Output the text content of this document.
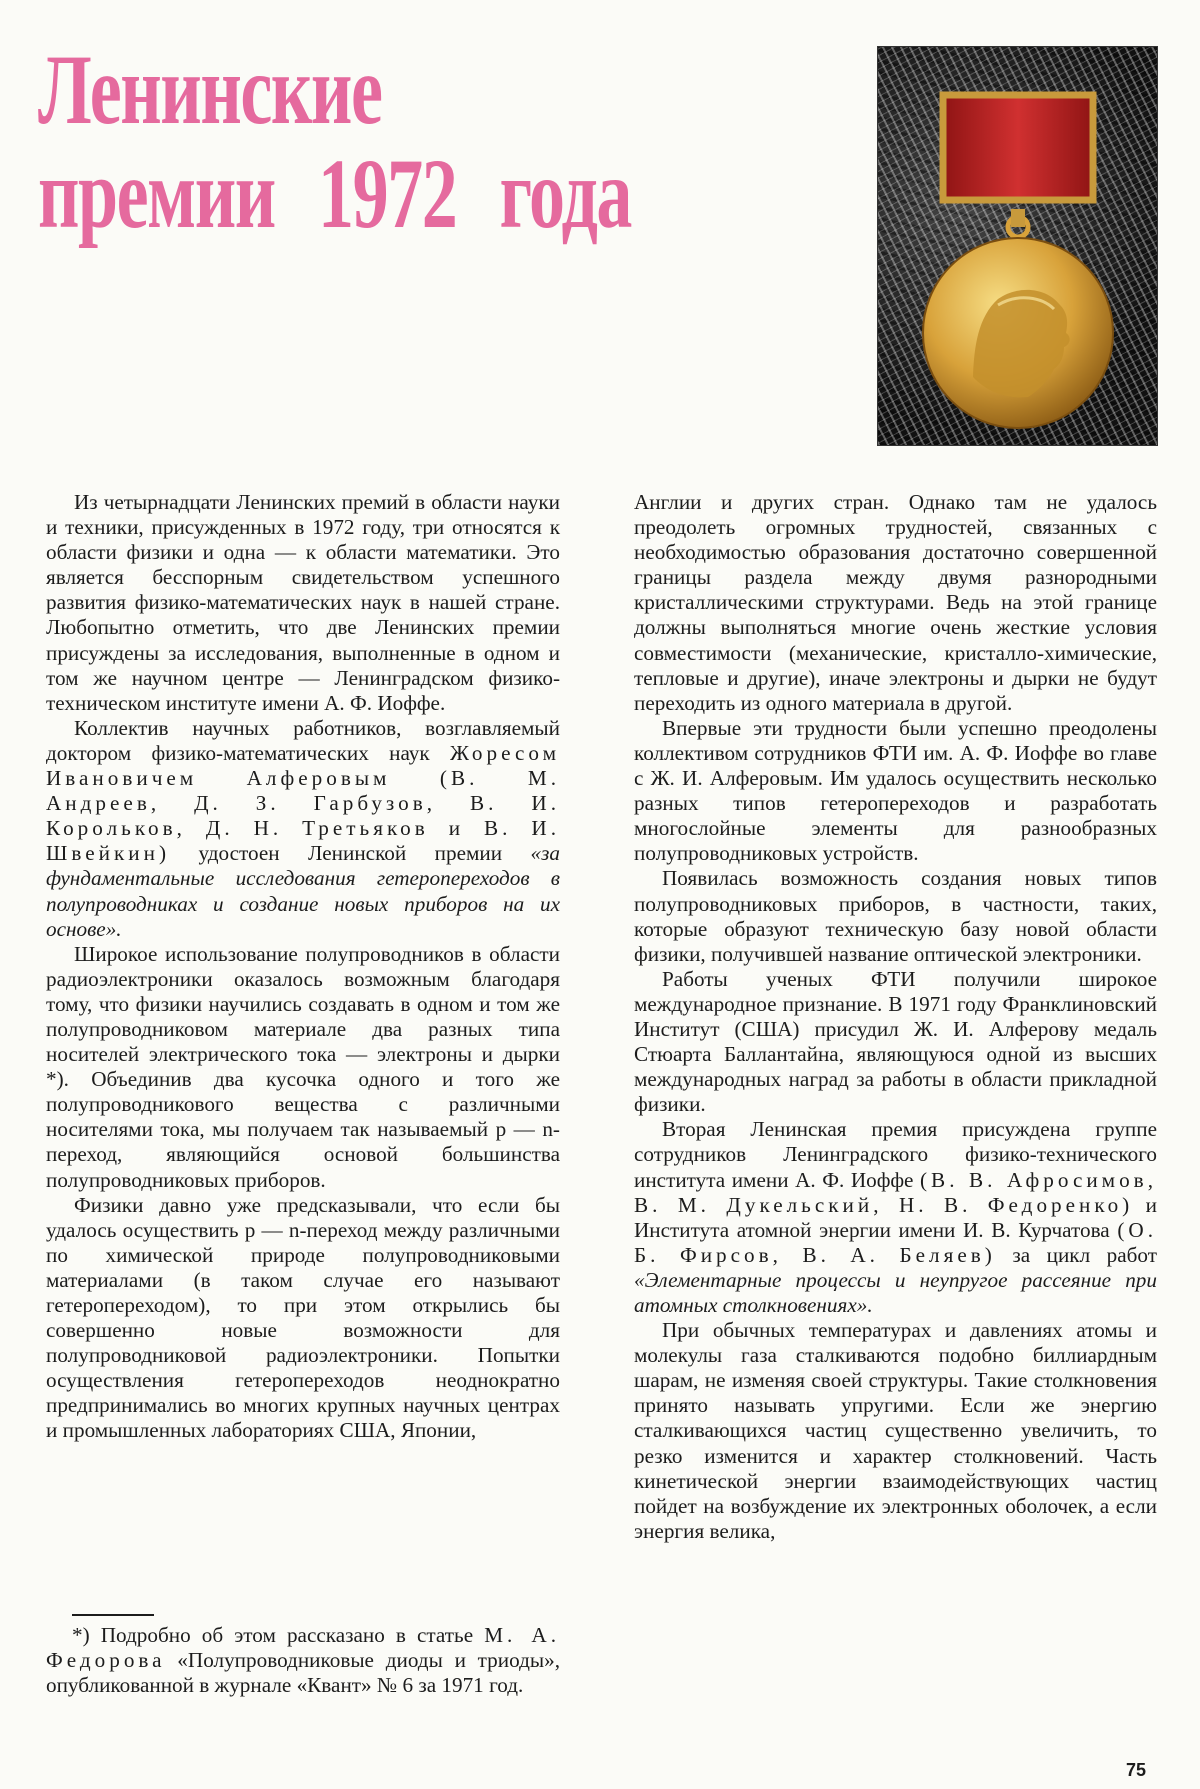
Ленинские
премии 1972 года

Из четырнадцати Ленинских премий в области науки и техники, присужденных в 1972 году, три относятся к области физики и одна — к области математики. Это является бесспорным свидетельством успешного развития физико-математических наук в нашей стране. Любопытно отметить, что две Ленинских премии присуждены за исследования, выполненные в одном и том же научном центре — Ленинградском физико-техническом институте имени А. Ф. Иоффе.

Коллектив научных работников, возглавляемый доктором физико-математических наук Жоресом Ивановичем Алферовым (В. М. Андреев, Д. З. Гарбузов, В. И. Корольков, Д. Н. Третьяков и В. И. Швейкин) удостоен Ленинской премии «за фундаментальные исследования гетеропереходов в полупроводниках и создание новых приборов на их основе».

Широкое использование полупроводников в области радиоэлектроники оказалось возможным благодаря тому, что физики научились создавать в одном и том же полупроводниковом материале два разных типа носителей электрического тока — электроны и дырки *). Объединив два кусочка одного и того же полупроводникового вещества с различными носителями тока, мы получаем так называемый p — n-переход, являющийся основой большинства полупроводниковых приборов.

Физики давно уже предсказывали, что если бы удалось осуществить p — n-переход между различными по химической природе полупроводниковыми материалами (в таком случае его называют гетеропереходом), то при этом открылись бы совершенно новые возможности для полупроводниковой радиоэлектроники. Попытки осуществления гетеропереходов неоднократно предпринимались во многих крупных научных центрах и промышленных лабораториях США, Японии,

Англии и других стран. Однако там не удалось преодолеть огромных трудностей, связанных с необходимостью образования достаточно совершенной границы раздела между двумя разнородными кристаллическими структурами. Ведь на этой границе должны выполняться многие очень жесткие условия совместимости (механические, кристалло-химические, тепловые и другие), иначе электроны и дырки не будут переходить из одного материала в другой.

Впервые эти трудности были успешно преодолены коллективом сотрудников ФТИ им. А. Ф. Иоффе во главе с Ж. И. Алферовым. Им удалось осуществить несколько разных типов гетеропереходов и разработать многослойные элементы для разнообразных полупроводниковых устройств.

Появилась возможность создания новых типов полупроводниковых приборов, в частности, таких, которые образуют техническую базу новой области физики, получившей название оптической электроники.

Работы ученых ФТИ получили широкое международное признание. В 1971 году Франклиновский Институт (США) присудил Ж. И. Алферову медаль Стюарта Баллантайна, являющуюся одной из высших международных наград за работы в области прикладной физики.

Вторая Ленинская премия присуждена группе сотрудников Ленинградского физико-технического института имени А. Ф. Иоффе (В. В. Афросимов, В. М. Дукельский, Н. В. Федоренко) и Института атомной энергии имени И. В. Курчатова (О. Б. Фирсов, В. А. Беляев) за цикл работ «Элементарные процессы и неупругое рассеяние при атомных столкновениях».

При обычных температурах и давлениях атомы и молекулы газа сталкиваются подобно биллиардным шарам, не изменяя своей структуры. Такие столкновения принято называть упругими. Если же энергию сталкивающихся частиц существенно увеличить, то резко изменится и характер столкновений. Часть кинетической энергии взаимодействующих частиц пойдет на возбуждение их электронных оболочек, а если энергия велика,

*) Подробно об этом рассказано в статье М. А. Федорова «Полупроводниковые диоды и триоды», опубликованной в журнале «Квант» № 6 за 1971 год.

75
